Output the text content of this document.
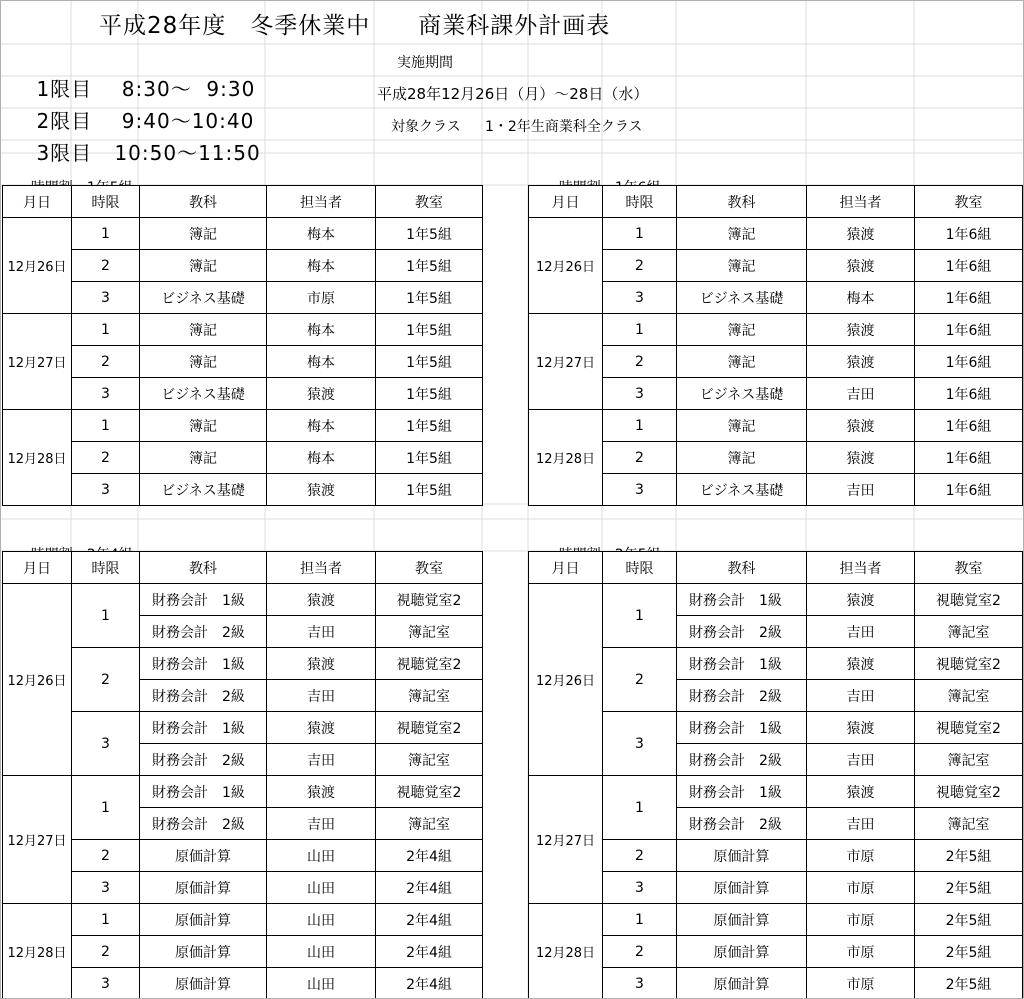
平成28年度　冬季休業中　　商業科課外計画表

1限目 8:30～  9:30

2限目 9:40～10:40

3限目 10:50～11:50

実施期間
平成28年12月26日（月）～28日（水）
対象クラス 1・2年生商業科全クラス

月日	時限	教科	担当者	教室
12月26日	1	簿記	梅本	1年5組
	2	簿記	梅本	1年5組
	3	ビジネス基礎	市原	1年5組
12月27日	1	簿記	梅本	1年5組
	2	簿記	梅本	1年5組
	3	ビジネス基礎	猿渡	1年5組
12月28日	1	簿記	梅本	1年5組
	2	簿記	梅本	1年5組
	3	ビジネス基礎	猿渡	1年5組
月日	時限	教科	担当者	教室
12月26日	1	簿記	猿渡	1年6組
	2	簿記	猿渡	1年6組
	3	ビジネス基礎	梅本	1年6組
12月27日	1	簿記	猿渡	1年6組
	2	簿記	猿渡	1年6組
	3	ビジネス基礎	吉田	1年6組
12月28日	1	簿記	猿渡	1年6組
	2	簿記	猿渡	1年6組
	3	ビジネス基礎	吉田	1年6組
月日	時限	教科	担当者	教室
12月26日	1	財務会計　1級	猿渡	視聴覚室2
		財務会計　2級	吉田	簿記室
	2	財務会計　1級	猿渡	視聴覚室2
		財務会計　2級	吉田	簿記室
	3	財務会計　1級	猿渡	視聴覚室2
		財務会計　2級	吉田	簿記室
12月27日	1	財務会計　1級	猿渡	視聴覚室2
		財務会計　2級	吉田	簿記室
	2	原価計算	山田	2年4組
	3	原価計算	山田	2年4組
12月28日	1	原価計算	山田	2年4組
	2	原価計算	山田	2年4組
	3	原価計算	山田	2年4組
月日	時限	教科	担当者	教室
12月26日	1	財務会計　1級	猿渡	視聴覚室2
		財務会計　2級	吉田	簿記室
	2	財務会計　1級	猿渡	視聴覚室2
		財務会計　2級	吉田	簿記室
	3	財務会計　1級	猿渡	視聴覚室2
		財務会計　2級	吉田	簿記室
12月27日	1	財務会計　1級	猿渡	視聴覚室2
		財務会計　2級	吉田	簿記室
	2	原価計算	市原	2年5組
	3	原価計算	市原	2年5組
12月28日	1	原価計算	市原	2年5組
	2	原価計算	市原	2年5組
	3	原価計算	市原	2年5組
